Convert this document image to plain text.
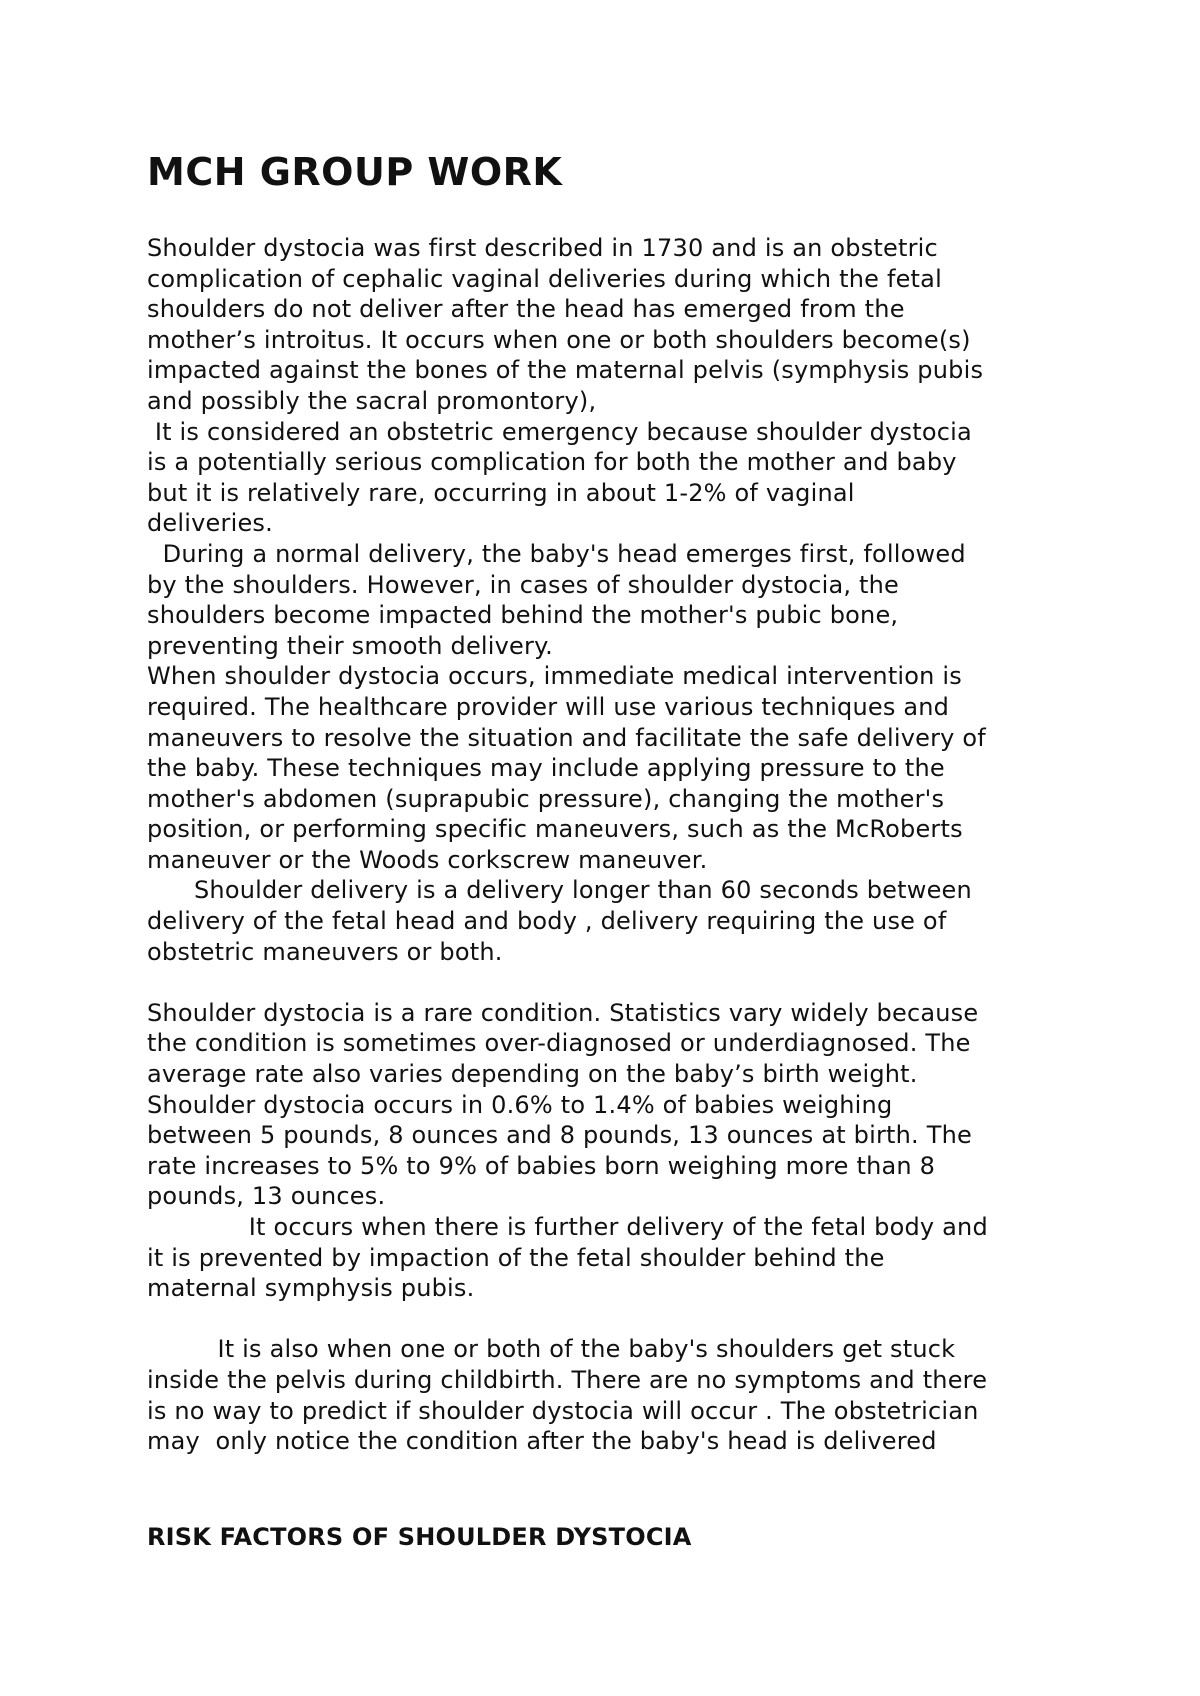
MCH GROUP WORK
Shoulder dystocia was first described in 1730 and is an obstetric
complication of cephalic vaginal deliveries during which the fetal
shoulders do not deliver after the head has emerged from the
mother’s introitus. It occurs when one or both shoulders become(s)
impacted against the bones of the maternal pelvis (symphysis pubis
and possibly the sacral promontory),
It is considered an obstetric emergency because shoulder dystocia
is a potentially serious complication for both the mother and baby
but it is relatively rare, occurring in about 1-2% of vaginal
deliveries.
During a normal delivery, the baby's head emerges first, followed
by the shoulders. However, in cases of shoulder dystocia, the
shoulders become impacted behind the mother's pubic bone,
preventing their smooth delivery.
When shoulder dystocia occurs, immediate medical intervention is
required. The healthcare provider will use various techniques and
maneuvers to resolve the situation and facilitate the safe delivery of
the baby. These techniques may include applying pressure to the
mother's abdomen (suprapubic pressure), changing the mother's
position, or performing specific maneuvers, such as the McRoberts
maneuver or the Woods corkscrew maneuver.
Shoulder delivery is a delivery longer than 60 seconds between
delivery of the fetal head and body , delivery requiring the use of
obstetric maneuvers or both.
Shoulder dystocia is a rare condition. Statistics vary widely because
the condition is sometimes over-diagnosed or underdiagnosed. The
average rate also varies depending on the baby’s birth weight.
Shoulder dystocia occurs in 0.6% to 1.4% of babies weighing
between 5 pounds, 8 ounces and 8 pounds, 13 ounces at birth. The
rate increases to 5% to 9% of babies born weighing more than 8
pounds, 13 ounces.
It occurs when there is further delivery of the fetal body and
it is prevented by impaction of the fetal shoulder behind the
maternal symphysis pubis.
It is also when one or both of the baby's shoulders get stuck
inside the pelvis during childbirth. There are no symptoms and there
is no way to predict if shoulder dystocia will occur . The obstetrician
may  only notice the condition after the baby's head is delivered
RISK FACTORS OF SHOULDER DYSTOCIA
